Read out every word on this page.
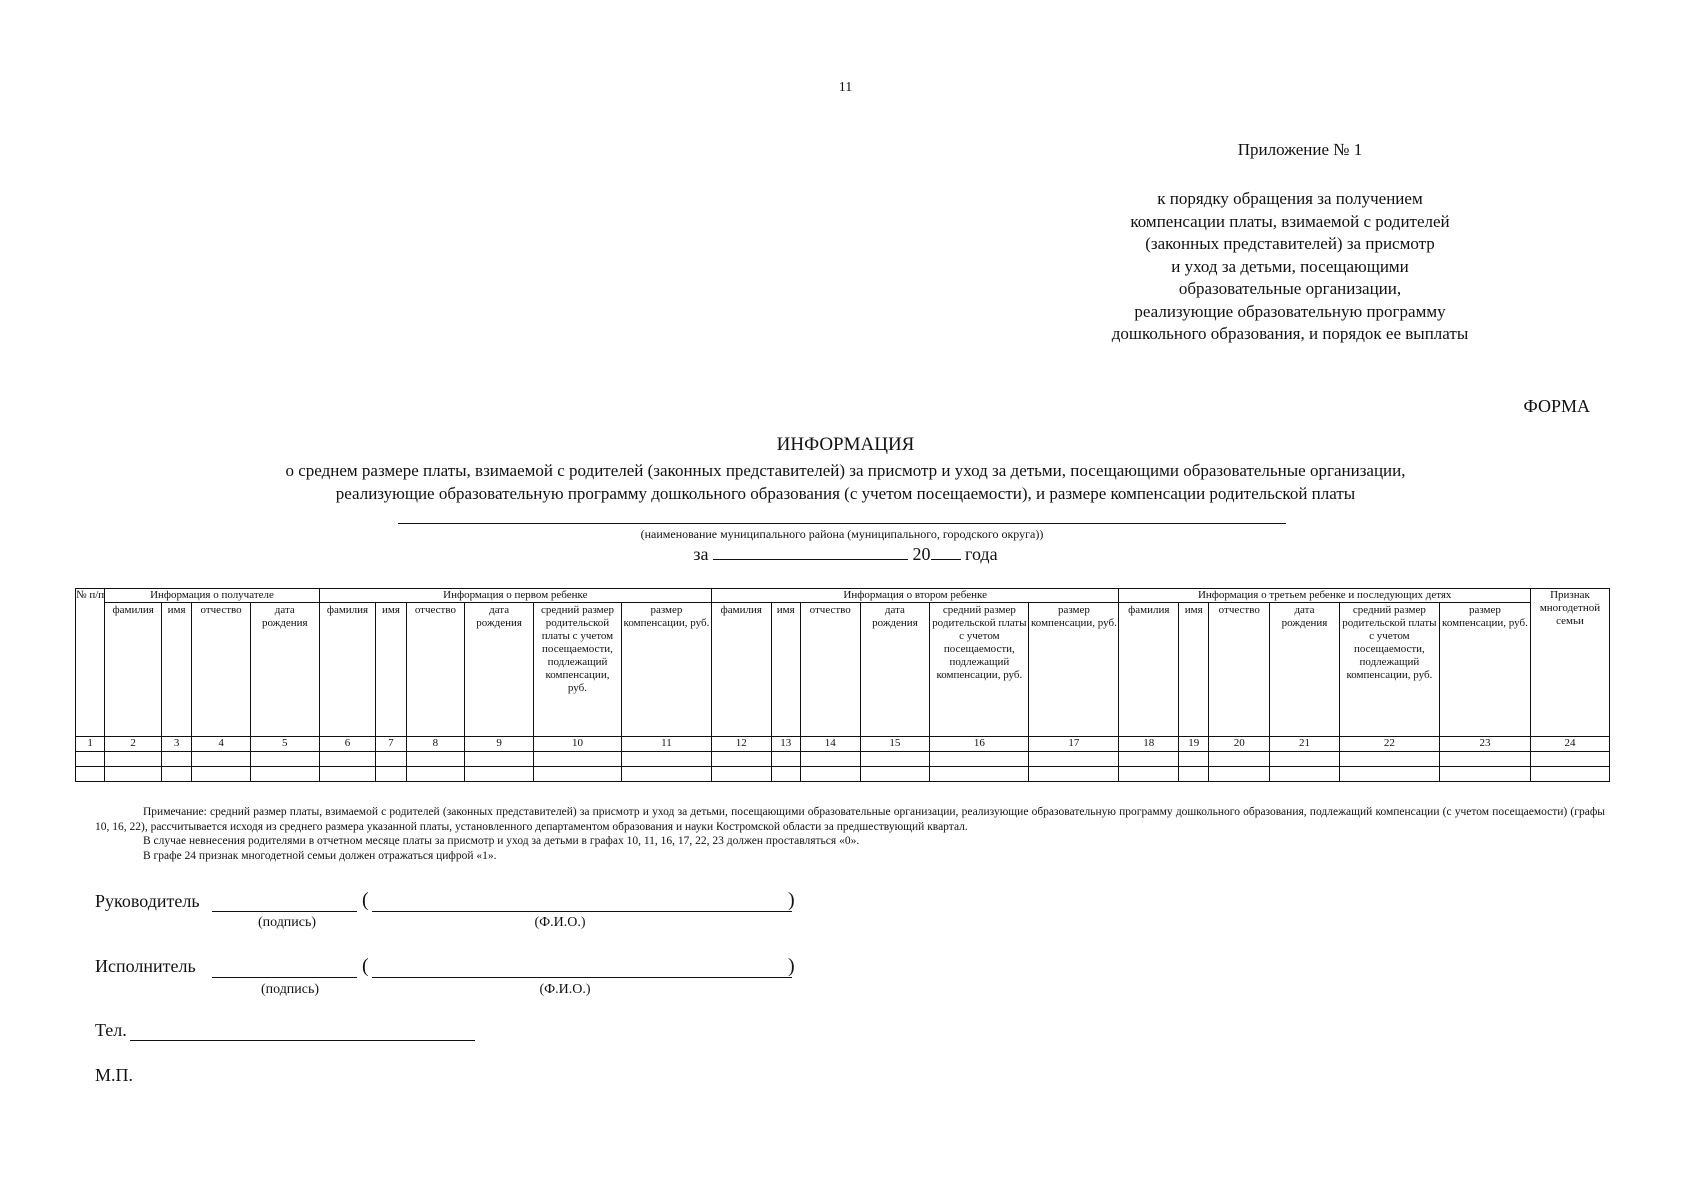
11
Приложение № 1
к порядку обращения за получением
компенсации платы, взимаемой с родителей
(законных представителей) за присмотр
и уход за детьми, посещающими
образовательные организации,
реализующие образовательную программу
дошкольного образования, и порядок ее выплаты
ФОРМА
ИНФОРМАЦИЯ
о среднем размере платы, взимаемой с родителей (законных представителей) за присмотр и уход за детьми, посещающими образовательные организации,
реализующие образовательную программу дошкольного образования (с учетом посещаемости), и размере компенсации родительской платы
(наименование муниципального района (муниципального, городского округа))
за	20 года
№ п/п	Информация о получателе				Информация о первом ребенке						Информация о втором ребенке						Информация о третьем ребенке и последующих детях						Признак многодетной семьи
	фамилия	имя	отчество	дата рождения	фамилия	имя	отчество	дата рождения	средний размер родительской платы с учетом посещаемости, подлежащий компенсации, руб.	размер компенсации, руб.	фамилия	имя	отчество	дата рождения	средний размер родительской платы с учетом посещаемости, подлежащий компенсации, руб.	размер компенсации, руб.	фамилия	имя	отчество	дата рождения	средний размер родительской платы с учетом посещаемости, подлежащий компенсации, руб.	размер компенсации, руб.	
1	2	3	4	5	6	7	8	9	10	11	12	13	14	15	16	17	18	19	20	21	22	23	24

Примечание: средний размер платы, взимаемой с родителей (законных представителей) за присмотр и уход за детьми, посещающими образовательные организации, реализующие образовательную программу дошкольного образования, подлежащий компенсации (с учетом посещаемости) (графы 10, 16, 22), рассчитывается исходя из среднего размера указанной платы, установленного департаментом образования и науки Костромской области за предшествующий квартал.

В случае невнесения родителями в отчетном месяце платы за присмотр и уход за детьми в графах 10, 11, 16, 17, 22, 23 должен проставляться «0».

В графе 24 признак многодетной семьи должен отражаться цифрой «1».

Руководитель	(	)
(подпись)	(Ф.И.О.)
Исполнитель	(	)
(подпись)	(Ф.И.О.)
Тел.
М.П.
